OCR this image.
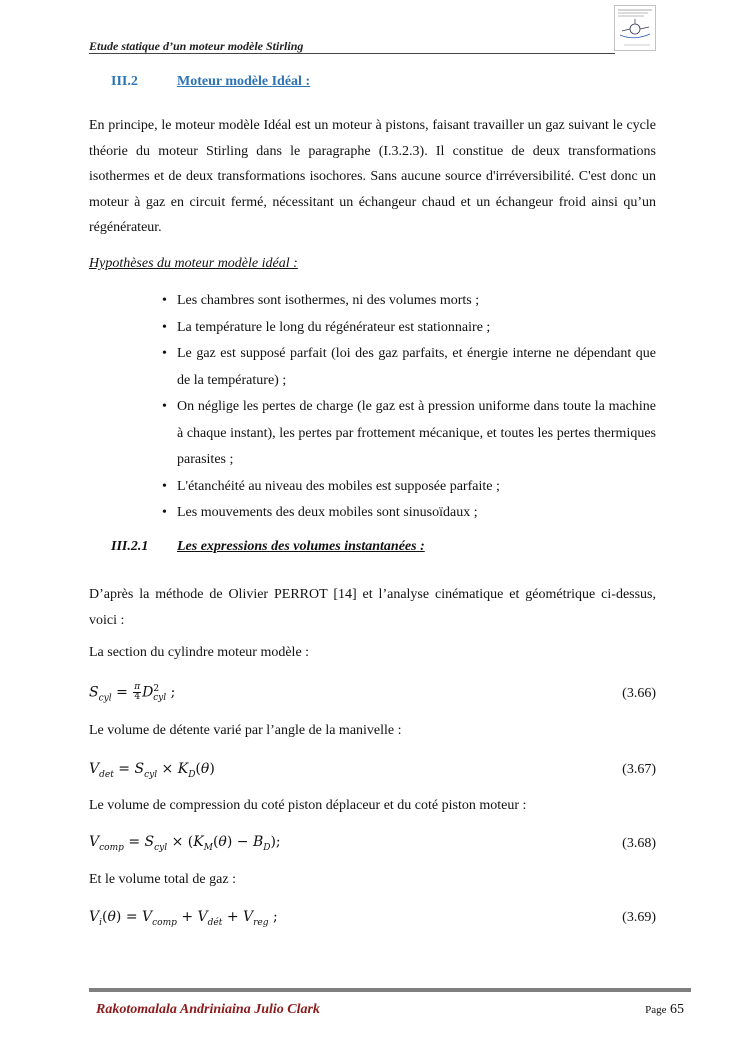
Etude statique d’un moteur modèle Stirling
III.2	Moteur modèle Idéal :
En principe, le moteur modèle Idéal est un moteur à pistons, faisant travailler un gaz suivant le cycle théorie du moteur Stirling dans le paragraphe (I.3.2.3). Il constitue de deux transformations isothermes et de deux transformations isochores. Sans aucune source d'irréversibilité. C'est donc un moteur à gaz en circuit fermé, nécessitant un échangeur chaud et un échangeur froid ainsi qu’un régénérateur.
Hypothèses du moteur modèle idéal :
• Les chambres sont isothermes, ni des volumes morts ;
• La température le long du régénérateur est stationnaire ;
• Le gaz est supposé parfait (loi des gaz parfaits, et énergie interne ne dépendant que de la température) ;
• On néglige les pertes de charge (le gaz est à pression uniforme dans toute la machine à chaque instant), les pertes par frottement mécanique, et toutes les pertes thermiques parasites ;
• L'étanchéité au niveau des mobiles est supposée parfaite ;
• Les mouvements des deux mobiles sont sinusoïdaux ;
III.2.1 Les expressions des volumes instantanées :
D’après la méthode de Olivier PERROT [14] et l’analyse cinématique et géométrique ci-dessus, voici :
La section du cylindre moteur modèle :
$S_{cyl} = \frac{\pi}{4} D^2_{cyl}$ ;	(3.66)
Le volume de détente varié par l’angle de la manivelle :
$V_{det} = S_{cyl} \times K_D(\theta)$	(3.67)
Le volume de compression du coté piston déplaceur et du coté piston moteur :
$V_{comp} = S_{cyl} \times (K_M(\theta) - B_D)$;	(3.68)
Et le volume total de gaz :
$V_i(\theta) = V_{comp} + V_{dét} + V_{reg}$ ;	(3.69)
Rakotomalala Andriniaina Julio Clark	Page 65
